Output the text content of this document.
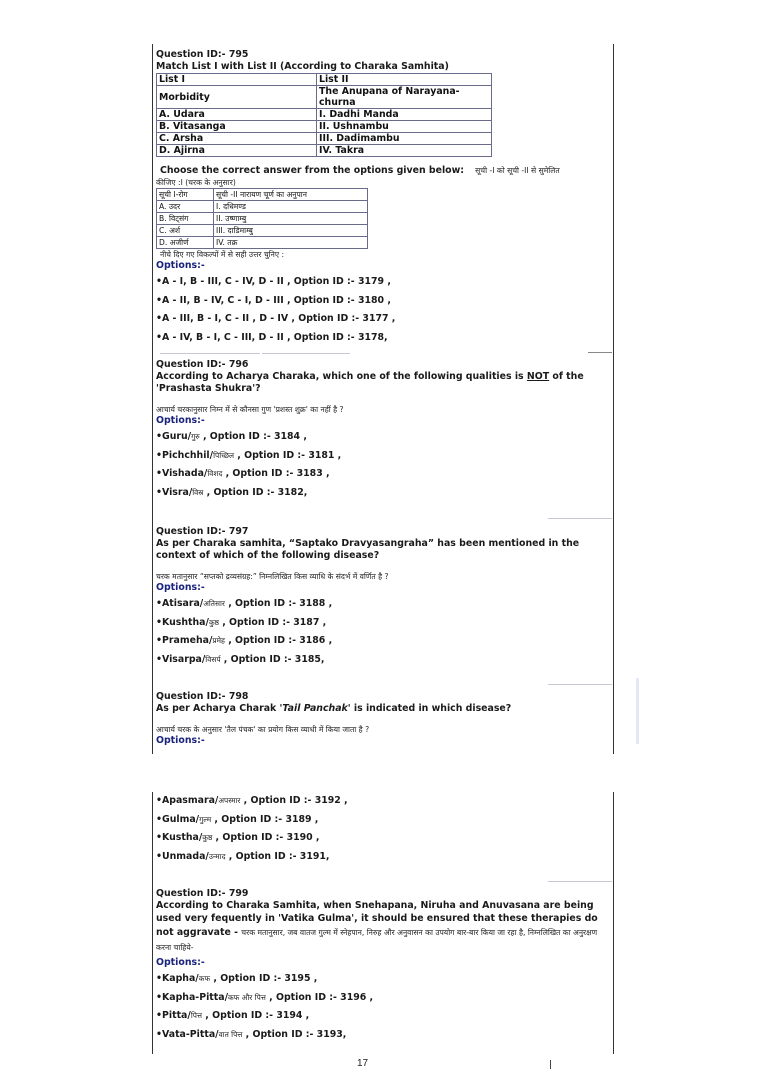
Question ID:- 795
Match List I with List II (According to Charaka Samhita)
List I	List II
Morbidity	The Anupana of Narayana-churna
A. Udara	I. Dadhi Manda
B. Vitasanga	II. Ushnambu
C. Arsha	III. Dadimambu
D. Ajirna	IV. Takra
Choose the correct answer from the options given below: सूची -I को सूची -II से सुमेलित
कीजिए :I (चरक के अनुसार)
सूची I-रोग	सूची -II नारायण चूर्ण का अनुपान
A. उदर	I. दधिमण्ड
B. विट्संग	II. उष्णाम्बु
C. अर्श	III. दाडिमाम्बु
D. अजीर्ण	IV. तक्र
नीचे दिए गए विकल्पों में से सही उत्तर चुनिए :
Options:-
•A - I, B - III, C - IV, D - II , Option ID :- 3179 ,
•A - II, B - IV, C - I, D - III , Option ID :- 3180 ,
•A - III, B - I, C - II , D - IV , Option ID :- 3177 ,
•A - IV, B - I, C - III, D - II , Option ID :- 3178,
Question ID:- 796
According to Acharya Charaka, which one of the following qualities is NOT of the 'Prashasta Shukra'?
आचार्य चरकानुसार निम्न में से कौनसा गुण 'प्रशस्त शुक्र' का नहीं है ?
Options:-
•Guru/गुरु , Option ID :- 3184 ,
•Pichchhil/पिच्छिल , Option ID :- 3181 ,
•Vishada/विशद , Option ID :- 3183 ,
•Visra/विस्र , Option ID :- 3182,
Question ID:- 797
As per Charaka samhita, “Saptako Dravyasangraha” has been mentioned in the context of which of the following disease?
चरक मतानुसार “सप्तको द्रव्यसंग्रह:” निम्नलिखित किस व्याधि के संदर्भ में वर्णित है ?
Options:-
•Atisara/अतिसार , Option ID :- 3188 ,
•Kushtha/कुष्ठ , Option ID :- 3187 ,
•Prameha/प्रमेह , Option ID :- 3186 ,
•Visarpa/विसर्प , Option ID :- 3185,
Question ID:- 798
As per Acharya Charak 'Tail Panchak' is indicated in which disease?
आचार्य चरक के अनुसार 'तैल पंचक' का प्रयोग किस व्याधी में किया जाता है ?
Options:-
•Apasmara/अपस्मार , Option ID :- 3192 ,
•Gulma/गुल्म , Option ID :- 3189 ,
•Kustha/कुष्ठ , Option ID :- 3190 ,
•Unmada/उन्माद , Option ID :- 3191,
Question ID:- 799
According to Charaka Samhita, when Snehapana, Niruha and Anuvasana are being used very fequently in 'Vatika Gulma', it should be ensured that these therapies do not aggravate - चरक मतानुसार, जब वातज गुल्म में स्नेहपान, निरुह और अनुवासन का उपयोग बार-बार किया जा रहा है, निम्नलिखित का अनुरक्षण करना चाहिये-
Options:-
•Kapha/कफ , Option ID :- 3195 ,
•Kapha-Pitta/कफ और पित्त , Option ID :- 3196 ,
•Pitta/पित्त , Option ID :- 3194 ,
•Vata-Pitta/वात पित्त , Option ID :- 3193,
17
